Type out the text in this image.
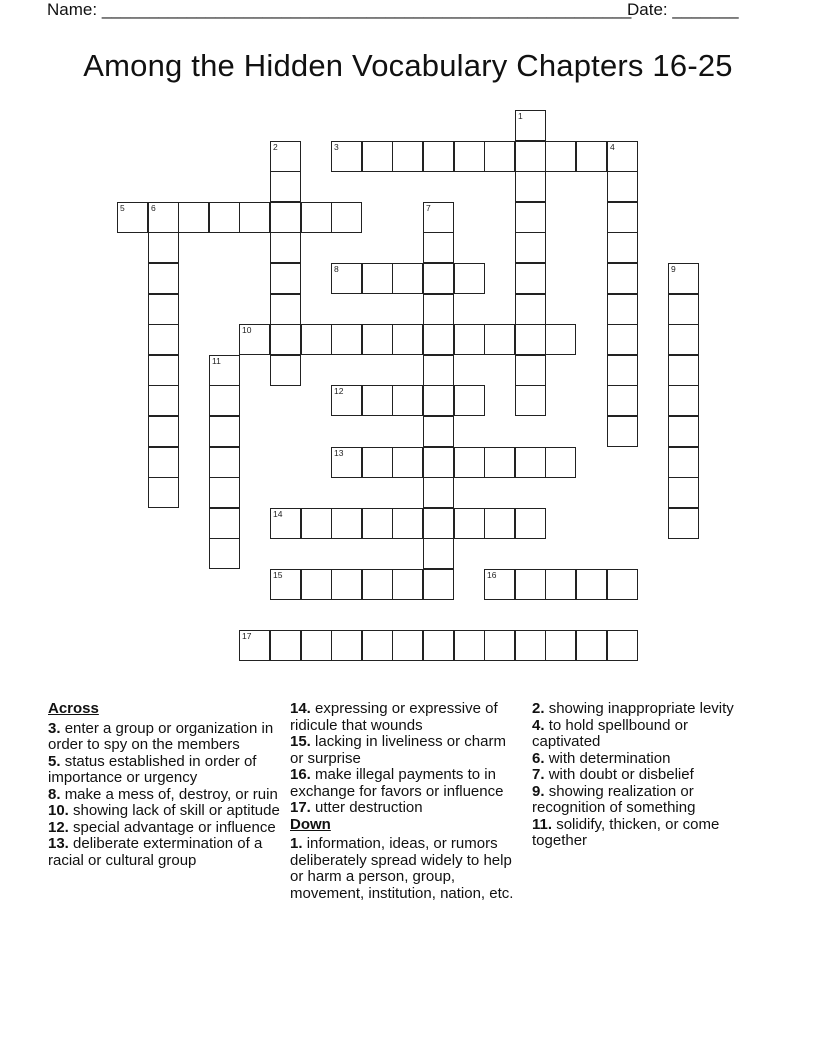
Name: ________________________________________________________
Date: _______
Among the Hidden Vocabulary Chapters 16-25
1
2	3	4
5	6	7
8	9
10
11
12
13
14
15	16
17
Across
3. enter a group or organization in order to spy on the members
5. status established in order of importance or urgency
8. make a mess of, destroy, or ruin
10. showing lack of skill or aptitude
12. special advantage or influence
13. deliberate extermination of a racial or cultural group
14. expressing or expressive of ridicule that wounds
15. lacking in liveliness or charm or surprise
16. make illegal payments to in exchange for favors or influence
17. utter destruction
Down
1. information, ideas, or rumors deliberately spread widely to help or harm a person, group, movement, institution, nation, etc.
2. showing inappropriate levity
4. to hold spellbound or captivated
6. with determination
7. with doubt or disbelief
9. showing realization or recognition of something
11. solidify, thicken, or come together
